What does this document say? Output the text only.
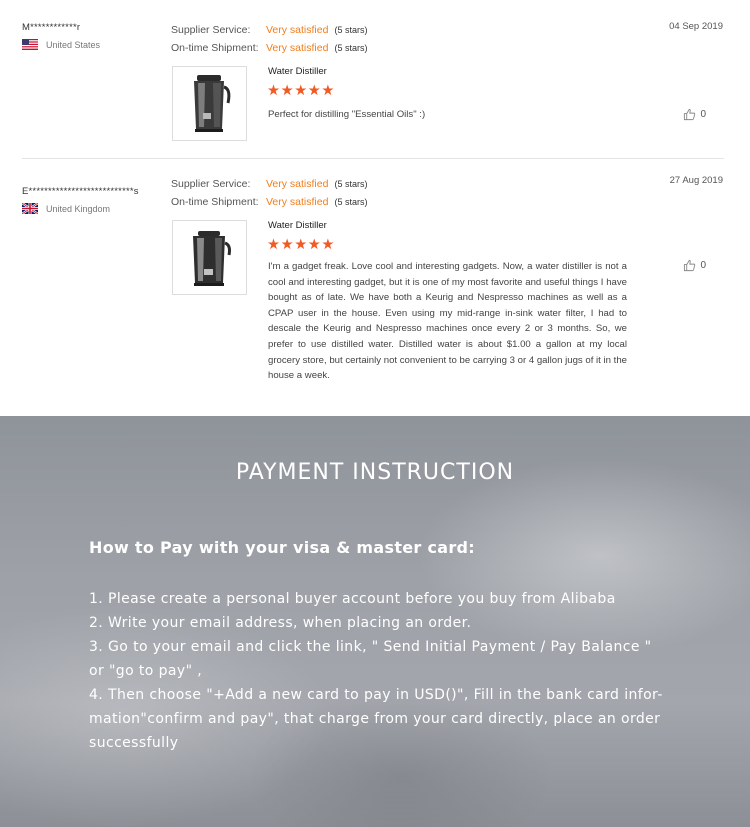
M************r
United States
Supplier Service: Very satisfied (5 stars)
On-time Shipment: Very satisfied (5 stars)
04 Sep 2019
Water Distiller
★★★★★
Perfect for distilling "Essential Oils" :)	0
E***************************s
United Kingdom
Supplier Service: Very satisfied (5 stars)
On-time Shipment: Very satisfied (5 stars)
27 Aug 2019
Water Distiller
★★★★★
I'm a gadget freak. Love cool and interesting gadgets. Now, a water distiller is not a cool and interesting gadget, but it is one of my most favorite and useful things I have bought as of late. We have both a Keurig and Nespresso machines as well as a CPAP user in the house. Even using my mid-range in-sink water filter, I had to descale the Keurig and Nespresso machines once every 2 or 3 months. So, we prefer to use distilled water. Distilled water is about $1.00 a gallon at my local grocery store, but certainly not convenient to be carrying 3 or 4 gallon jugs of it in the house a week.
0
PAYMENT INSTRUCTION
How to Pay with your visa & master card:
1. Please create a personal buyer account before you buy from Alibaba
2. Write your email address, when placing an order.
3. Go to your email and click the link, " Send Initial Payment / Pay Balance " or "go to pay" ,
4. Then choose "+Add a new card to pay in USD()", Fill in the bank card infor-mation"confirm and pay", that charge from your card directly, place an order successfully
